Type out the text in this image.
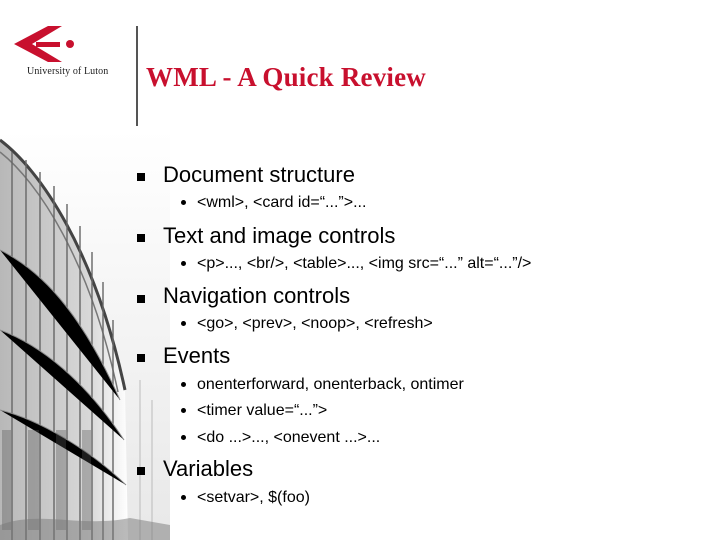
University of Luton WML - A Quick Review
Document structure
<wml>, <card id=“...”>...
Text and image controls
<p>..., <br/>, <table>..., <img src=“...” alt=“...”/>
Navigation controls
<go>, <prev>, <noop>, <refresh>
Events
onenterforward, onenterback, ontimer
<timer value=“...”>
<do ...>..., <onevent ...>...
Variables
<setvar>, $(foo)
